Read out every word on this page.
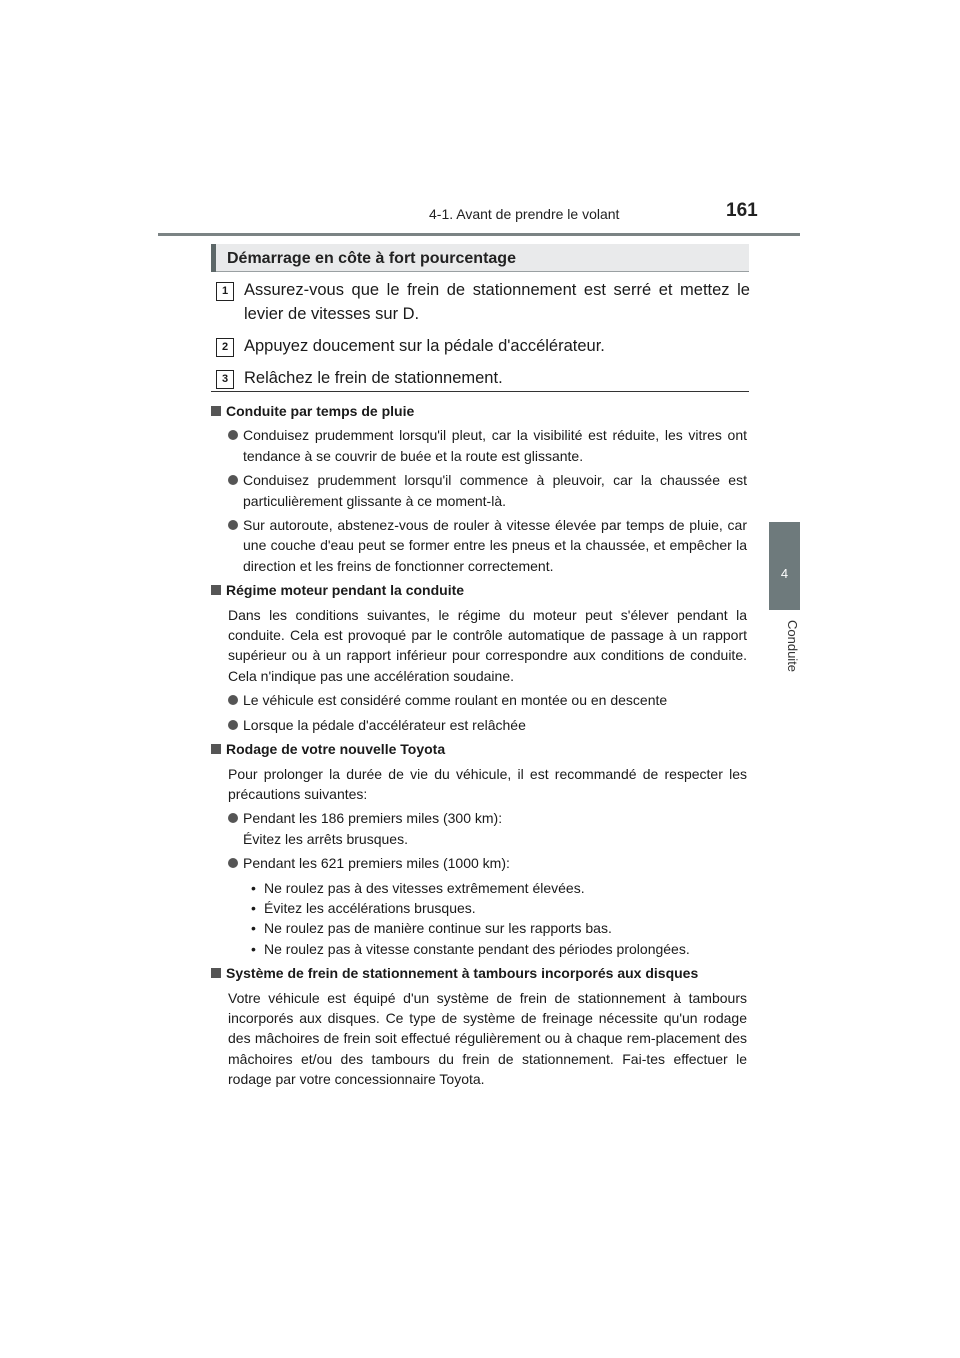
4-1. Avant de prendre le volant	161
4
Conduite
Démarrage en côte à fort pourcentage
1 Assurez-vous que le frein de stationnement est serré et mettez le levier de vitesses sur D.
2 Appuyez doucement sur la pédale d'accélérateur.
3 Relâchez le frein de stationnement.
Conduite par temps de pluie
Conduisez prudemment lorsqu'il pleut, car la visibilité est réduite, les vitres ont tendance à se couvrir de buée et la route est glissante.
Conduisez prudemment lorsqu'il commence à pleuvoir, car la chaussée est particulièrement glissante à ce moment-là.
Sur autoroute, abstenez-vous de rouler à vitesse élevée par temps de pluie, car une couche d'eau peut se former entre les pneus et la chaussée, et empêcher la direction et les freins de fonctionner correctement.
Régime moteur pendant la conduite
Dans les conditions suivantes, le régime du moteur peut s'élever pendant la conduite. Cela est provoqué par le contrôle automatique de passage à un rapport supérieur ou à un rapport inférieur pour correspondre aux conditions de conduite. Cela n'indique pas une accélération soudaine.
Le véhicule est considéré comme roulant en montée ou en descente
Lorsque la pédale d'accélérateur est relâchée
Rodage de votre nouvelle Toyota
Pour prolonger la durée de vie du véhicule, il est recommandé de respecter les précautions suivantes:
Pendant les 186 premiers miles (300 km):
Évitez les arrêts brusques.
Pendant les 621 premiers miles (1000 km):
• Ne roulez pas à des vitesses extrêmement élevées.
• Évitez les accélérations brusques.
• Ne roulez pas de manière continue sur les rapports bas.
• Ne roulez pas à vitesse constante pendant des périodes prolongées.
Système de frein de stationnement à tambours incorporés aux disques
Votre véhicule est équipé d'un système de frein de stationnement à tambours incorporés aux disques. Ce type de système de freinage nécessite qu'un rodage des mâchoires de frein soit effectué régulièrement ou à chaque rem-placement des mâchoires et/ou des tambours du frein de stationnement. Fai-tes effectuer le rodage par votre concessionnaire Toyota.
